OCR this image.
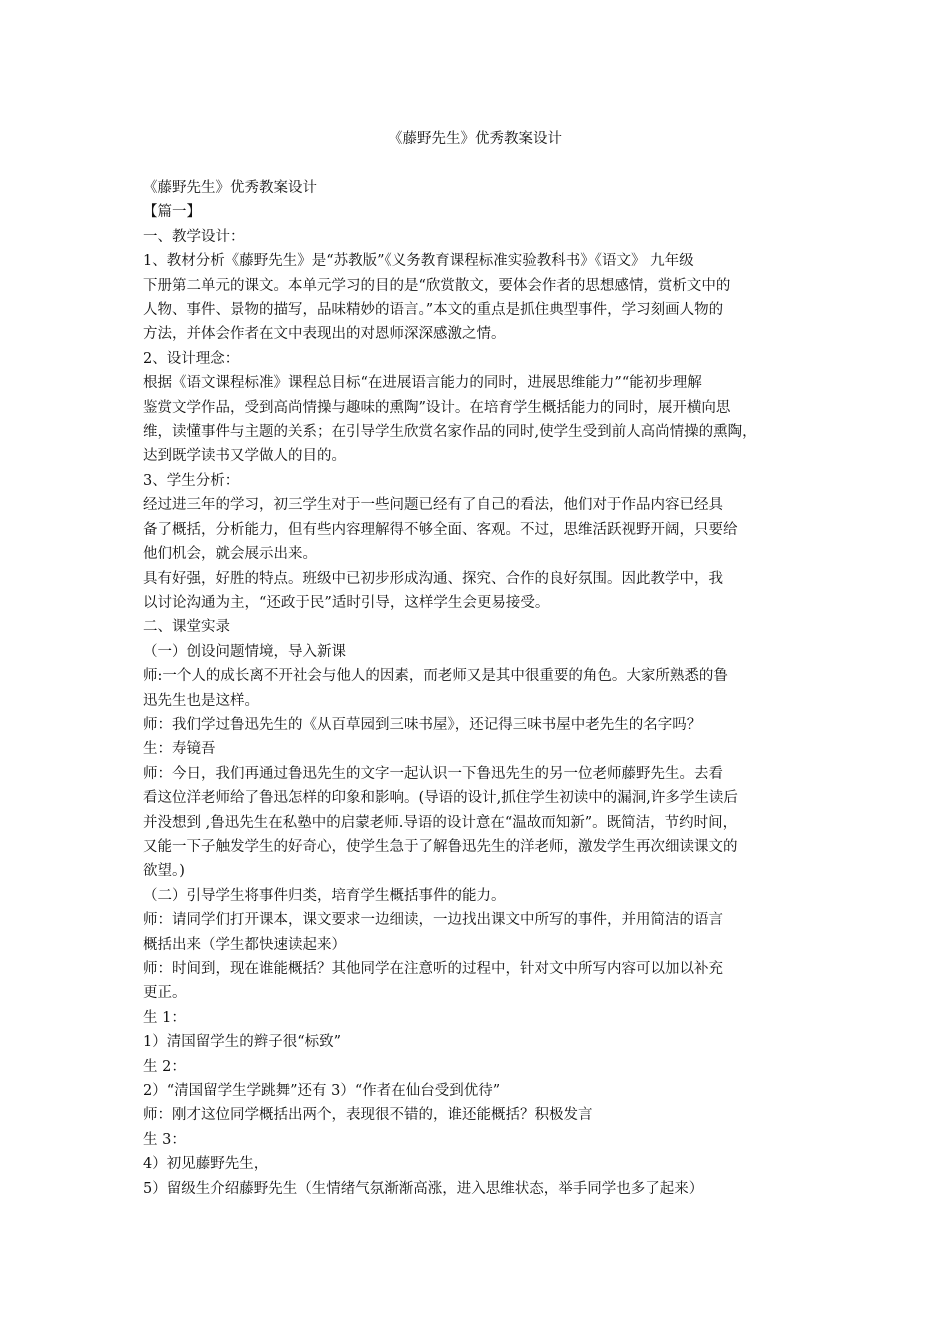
《藤野先生》优秀教案设计

《藤野先生》优秀教案设计

【篇一】

一、教学设计：

1、教材分析《藤野先生》是“苏教版”《义务教育课程标准实验教科书》《语文》 九年级

下册第二单元的课文。本单元学习的目的是“欣赏散文，要体会作者的思想感情，赏析文中的

人物、事件、景物的描写，品味精妙的语言。”本文的重点是抓住典型事件，学习刻画人物的

方法，并体会作者在文中表现出的对恩师深深感激之情。

2、设计理念：

根据《语文课程标准》课程总目标“在进展语言能力的同时，进展思维能力”“能初步理解

鉴赏文学作品，受到高尚情操与趣味的熏陶”设计。在培育学生概括能力的同时，展开横向思

维，读懂事件与主题的关系；在引导学生欣赏名家作品的同时,使学生受到前人高尚情操的熏陶，

达到既学读书又学做人的目的。

3、学生分析：

经过进三年的学习，初三学生对于一些问题已经有了自己的看法，他们对于作品内容已经具

备了概括，分析能力，但有些内容理解得不够全面、客观。不过，思维活跃视野开阔，只要给

他们机会，就会展示出来。

具有好强，好胜的特点。班级中已初步形成沟通、探究、合作的良好氛围。因此教学中，我

以讨论沟通为主，“还政于民”适时引导，这样学生会更易接受。

二、课堂实录

（一）创设问题情境，导入新课

师:一个人的成长离不开社会与他人的因素，而老师又是其中很重要的角色。大家所熟悉的鲁

迅先生也是这样。

师：我们学过鲁迅先生的《从百草园到三味书屋》，还记得三味书屋中老先生的名字吗？

生：寿镜吾

师：今日，我们再通过鲁迅先生的文字一起认识一下鲁迅先生的另一位老师藤野先生。去看

看这位洋老师给了鲁迅怎样的印象和影响。(导语的设计,抓住学生初读中的漏洞,许多学生读后

并没想到 ,鲁迅先生在私塾中的启蒙老师.导语的设计意在“温故而知新”。既简洁，节约时间，

又能一下子触发学生的好奇心，使学生急于了解鲁迅先生的洋老师，激发学生再次细读课文的

欲望。)

（二）引导学生将事件归类，培育学生概括事件的能力。

师：请同学们打开课本，课文要求一边细读，一边找出课文中所写的事件，并用简洁的语言

概括出来（学生都快速读起来）

师：时间到，现在谁能概括？其他同学在注意听的过程中，针对文中所写内容可以加以补充

更正。

生 1：

1）清国留学生的辫子很“标致”

生 2：

2）“清国留学生学跳舞”还有 3）“作者在仙台受到优待”

师：刚才这位同学概括出两个，表现很不错的，谁还能概括？积极发言

生 3：

4）初见藤野先生，

5）留级生介绍藤野先生（生情绪气氛渐渐高涨，进入思维状态，举手同学也多了起来）
